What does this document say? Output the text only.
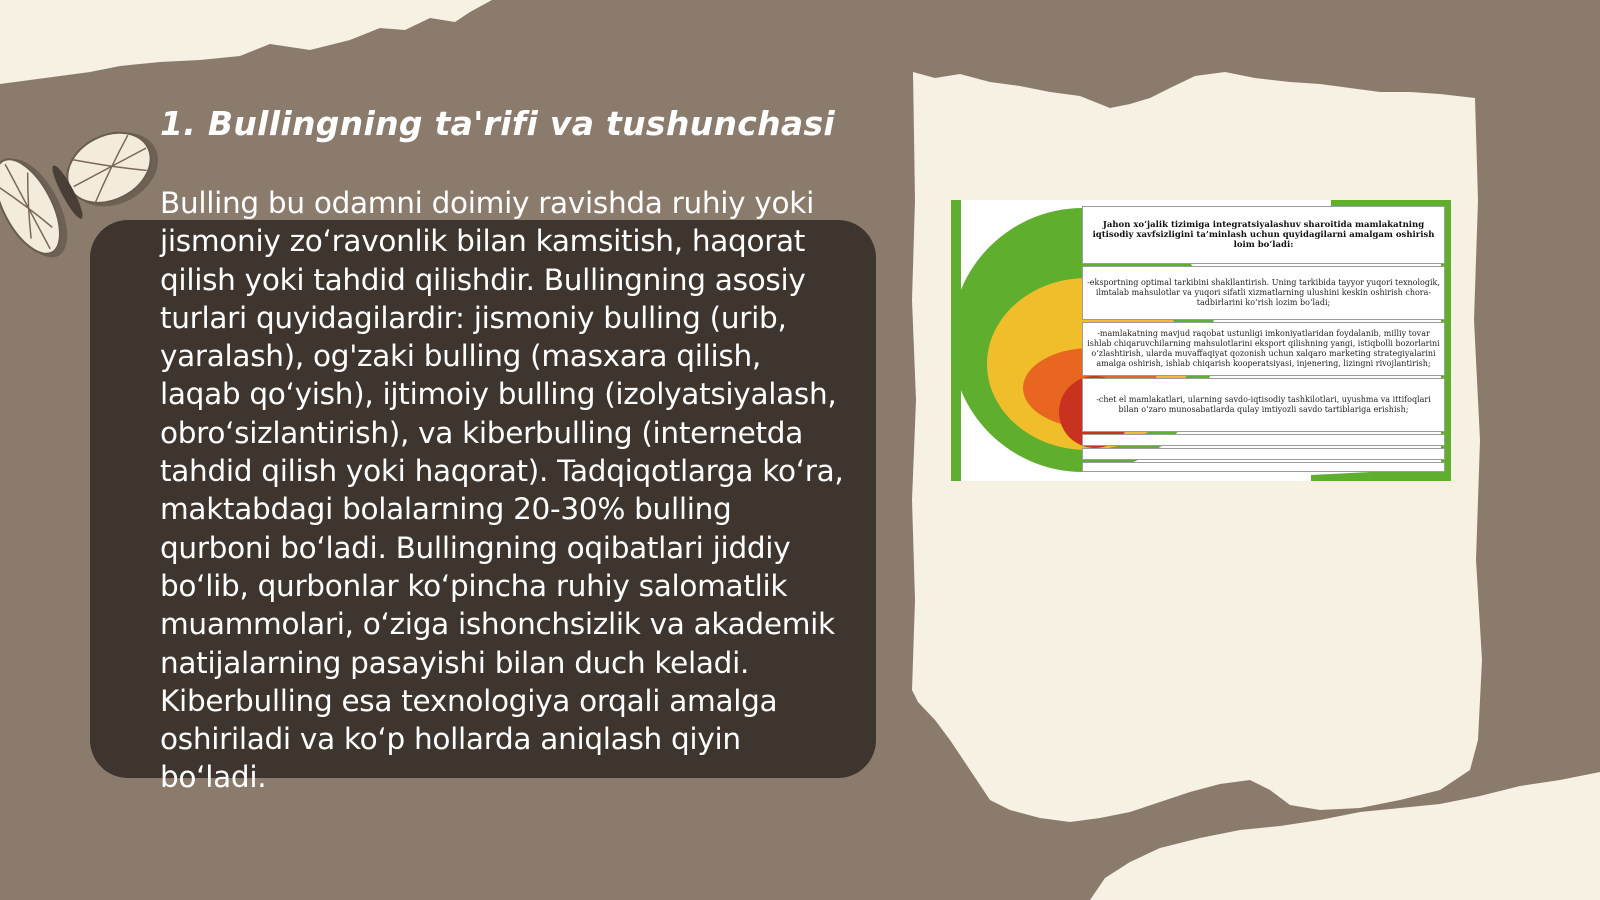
1. Bullingning ta'rifi va tushunchasi

Bulling bu odamni doimiy ravishda ruhiy yoki jismoniy zo‘ravonlik bilan kamsitish, haqorat qilish yoki tahdid qilishdir. Bullingning asosiy turlari quyidagilardir: jismoniy bulling (urib, yaralash), og'zaki bulling (masxara qilish, laqab qo‘yish), ijtimoiy bulling (izolyatsiyalash, obro‘sizlantirish), va kiberbulling (internetda tahdid qilish yoki haqorat). Tadqiqotlarga ko‘ra, maktabdagi bolalarning 20-30% bulling qurboni bo‘ladi. Bullingning oqibatlari jiddiy bo‘lib, qurbonlar ko‘pincha ruhiy salomatlik muammolari, o‘ziga ishonchsizlik va akademik natijalarning pasayishi bilan duch keladi. Kiberbulling esa texnologiya orqali amalga oshiriladi va ko‘p hollarda aniqlash qiyin bo‘ladi.

Jahon xo‘jalik tizimiga integratsiyalashuv sharoitida mamlakatning iqtisodiy xavfsizligini ta’minlash uchun quyidagilarni amalgam oshirish loim bo‘ladi:
-eksportning optimal tarkibini shakllantirish. Uning tarkibida tayyor yuqori texnologik, ilmtalab mahsulotlar va yuqori sifatli xizmatlarning ulushini keskin oshirish chora-tadbirlarini ko‘rish lozim bo‘ladi;
-mamlakatning mavjud raqobat ustunligi imkoniyatlaridan foydalanib, milliy tovar ishlab chiqaruvchilarning mahsulotlarini eksport qilishning yangi, istiqbolli bozorlarini o‘zlashtirish, ularda muvaffaqiyat qozonish uchun xalqaro marketing strategiyalarini amalga oshirish, ishlab chiqarish kooperatsiyasi, injenering, lizingni rivojlantirish;
-chet el mamlakatlari, ularning savdo-iqtisodiy tashkilotlari, uyushma va ittifoqlari bilan o‘zaro munosabatlarda qulay imtiyozli savdo tartiblariga erishish;
